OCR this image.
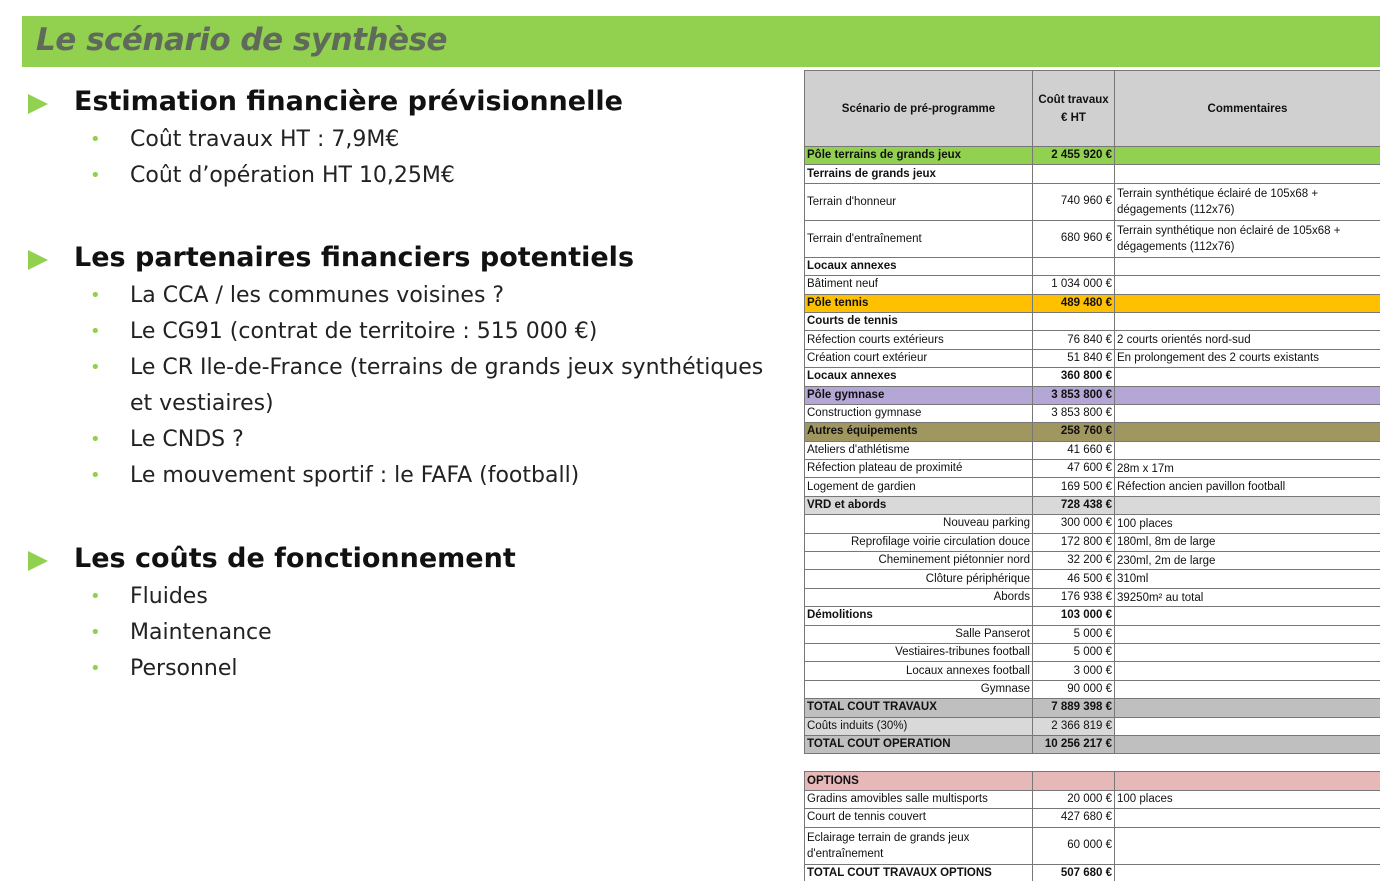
Le scénario de synthèse
Estimation financière prévisionnelle
• Coût travaux HT : 7,9M€
• Coût d’opération HT 10,25M€
Les partenaires financiers potentiels
• La CCA / les communes voisines ?
• Le CG91 (contrat de territoire : 515 000 €)
• Le CR Ile-de-France (terrains de grands jeux synthétiques et vestiaires)
• Le CNDS ?
• Le mouvement sportif : le FAFA (football)
Les coûts de fonctionnement
• Fluides
• Maintenance
• Personnel
Scénario de pré-programme	Coût travaux € HT	Commentaires
Pôle terrains de grands jeux	2 455 920 €	
Terrains de grands jeux		
Terrain d'honneur	740 960 €	Terrain synthétique éclairé de 105x68 + dégagements (112x76)
Terrain d'entraînement	680 960 €	Terrain synthétique non éclairé de 105x68 + dégagements (112x76)
Locaux annexes		
Bâtiment neuf	1 034 000 €	
Pôle tennis	489 480 €	
Courts de tennis		
Réfection courts extérieurs	76 840 €	2 courts orientés nord-sud
Création court extérieur	51 840 €	En prolongement des 2 courts existants
Locaux annexes	360 800 €	
Pôle gymnase	3 853 800 €	
Construction gymnase	3 853 800 €	
Autres équipements	258 760 €	
Ateliers d'athlétisme	41 660 €	
Réfection plateau de proximité	47 600 €	28m x 17m
Logement de gardien	169 500 €	Réfection ancien pavillon football
VRD et abords	728 438 €	
Nouveau parking	300 000 €	100 places
Reprofilage voirie circulation douce	172 800 €	180ml, 8m de large
Cheminement piétonnier nord	32 200 €	230ml, 2m de large
Clôture périphérique	46 500 €	310ml
Abords	176 938 €	39250m² au total
Démolitions	103 000 €	
Salle Panserot	5 000 €	
Vestiaires-tribunes football	5 000 €	
Locaux annexes football	3 000 €	
Gymnase	90 000 €	
TOTAL COUT TRAVAUX	7 889 398 €	
Coûts induits (30%)	2 366 819 €	
TOTAL COUT OPERATION	10 256 217 €	

OPTIONS		
Gradins amovibles salle multisports	20 000 €	100 places
Court de tennis couvert	427 680 €	
Eclairage terrain de grands jeux d'entraînement	60 000 €	
TOTAL COUT TRAVAUX OPTIONS	507 680 €	
